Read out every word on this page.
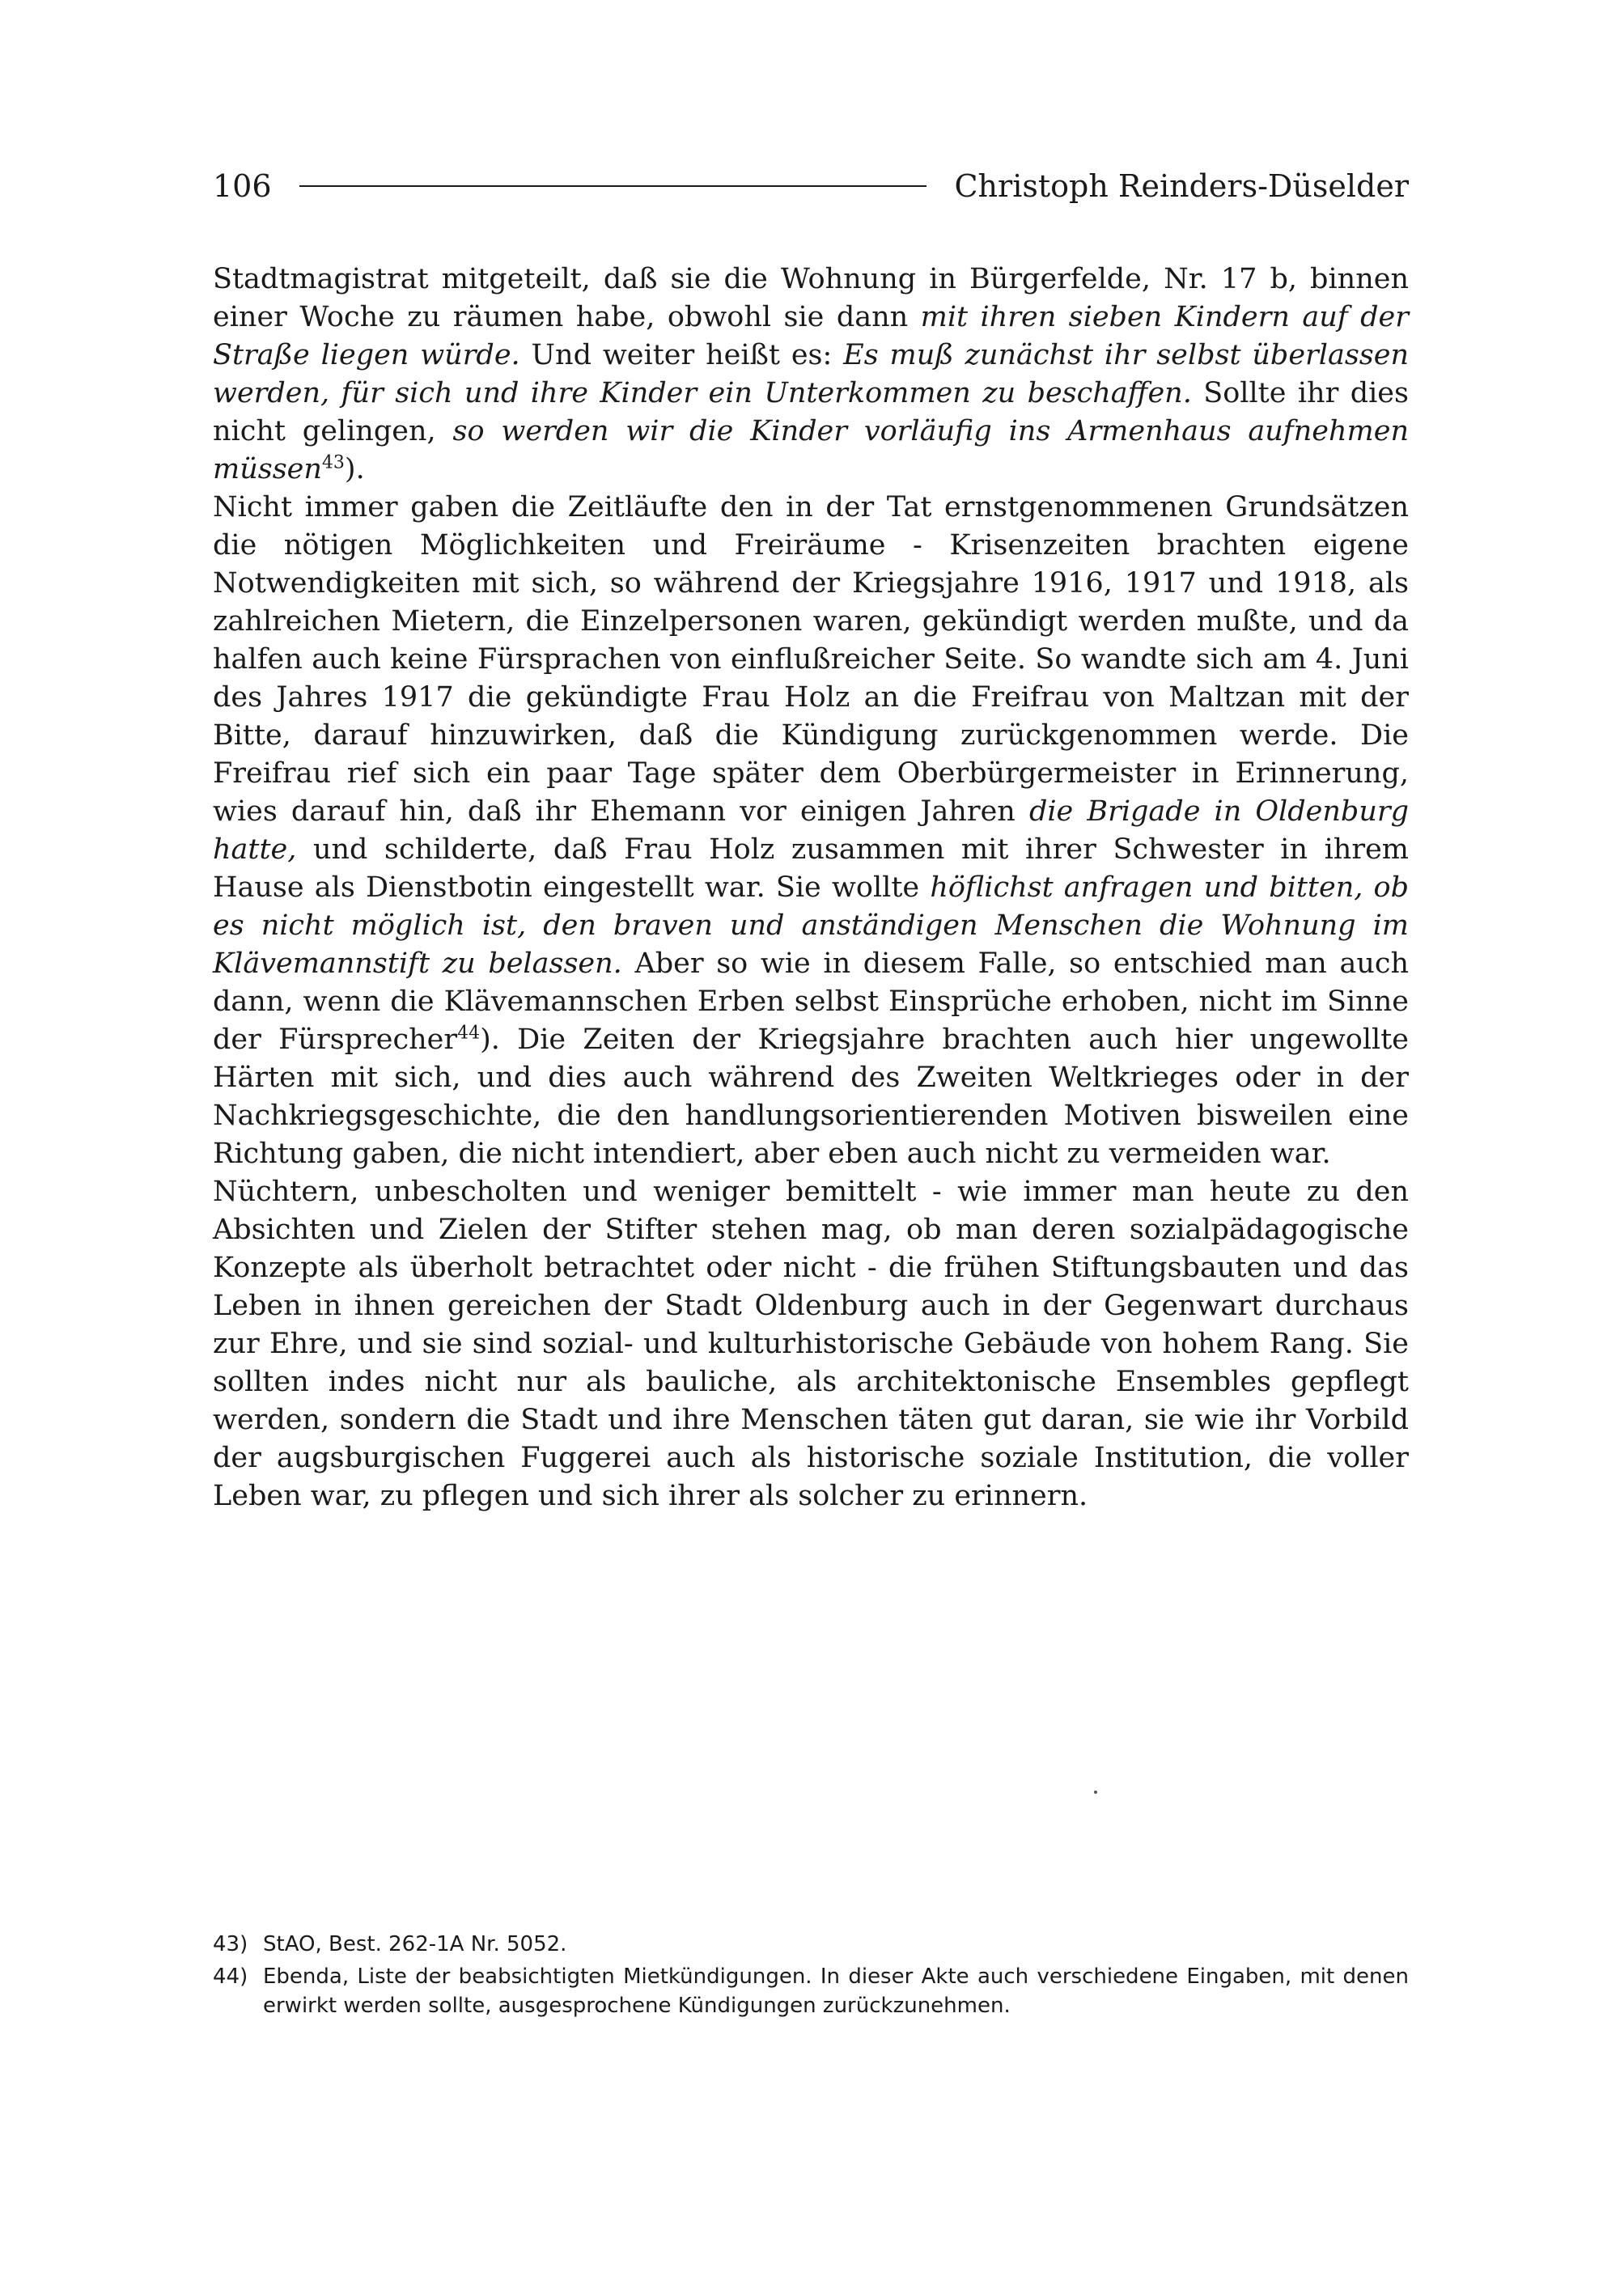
106	Christoph Reinders-Düselder

Stadtmagistrat mitgeteilt, daß sie die Wohnung in Bürgerfelde, Nr. 17 b, binnen einer Woche zu räumen habe, obwohl sie dann mit ihren sieben Kindern auf der Straße liegen würde. Und weiter heißt es: Es muß zunächst ihr selbst überlassen werden, für sich und ihre Kinder ein Unterkommen zu beschaffen. Sollte ihr dies nicht gelingen, so werden wir die Kinder vorläufig ins Armenhaus aufnehmen müssen$^{43}$).

Nicht immer gaben die Zeitläufte den in der Tat ernstgenommenen Grundsätzen die nötigen Möglichkeiten und Freiräume - Krisenzeiten brachten eigene Notwendigkeiten mit sich, so während der Kriegsjahre 1916, 1917 und 1918, als zahlreichen Mietern, die Einzelpersonen waren, gekündigt werden mußte, und da halfen auch keine Fürsprachen von einflußreicher Seite. So wandte sich am 4. Juni des Jahres 1917 die gekündigte Frau Holz an die Freifrau von Maltzan mit der Bitte, darauf hinzuwirken, daß die Kündigung zurückgenommen werde. Die Freifrau rief sich ein paar Tage später dem Oberbürgermeister in Erinnerung, wies darauf hin, daß ihr Ehemann vor einigen Jahren die Brigade in Oldenburg hatte, und schilderte, daß Frau Holz zusammen mit ihrer Schwester in ihrem Hause als Dienstbotin eingestellt war. Sie wollte höflichst anfragen und bitten, ob es nicht möglich ist, den braven und anständigen Menschen die Wohnung im Klävemannstift zu belassen. Aber so wie in diesem Falle, so entschied man auch dann, wenn die Klävemannschen Erben selbst Einsprüche erhoben, nicht im Sinne der Fürsprecher$^{44}$). Die Zeiten der Kriegsjahre brachten auch hier ungewollte Härten mit sich, und dies auch während des Zweiten Weltkrieges oder in der Nachkriegsgeschichte, die den handlungsorientierenden Motiven bisweilen eine Richtung gaben, die nicht intendiert, aber eben auch nicht zu vermeiden war.

Nüchtern, unbescholten und weniger bemittelt - wie immer man heute zu den Absichten und Zielen der Stifter stehen mag, ob man deren sozialpädagogische Konzepte als überholt betrachtet oder nicht - die frühen Stiftungsbauten und das Leben in ihnen gereichen der Stadt Oldenburg auch in der Gegenwart durchaus zur Ehre, und sie sind sozial- und kulturhistorische Gebäude von hohem Rang. Sie sollten indes nicht nur als bauliche, als architektonische Ensembles gepflegt werden, sondern die Stadt und ihre Menschen täten gut daran, sie wie ihr Vorbild der augsburgischen Fuggerei auch als historische soziale Institution, die voller Leben war, zu pflegen und sich ihrer als solcher zu erinnern.

43) StAO, Best. 262-1A Nr. 5052.
44) Ebenda, Liste der beabsichtigten Mietkündigungen. In dieser Akte auch verschiedene Eingaben, mit denen erwirkt werden sollte, ausgesprochene Kündigungen zurückzunehmen.
